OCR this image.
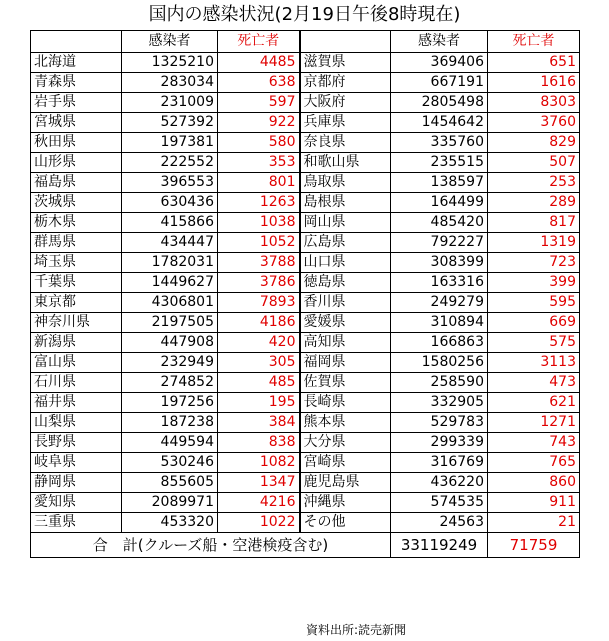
国内の感染状況(2月19日午後8時現在)
	感染者	死亡者		感染者	死亡者
北海道	1325210	4485	滋賀県	369406	651
青森県	283034	638	京都府	667191	1616
岩手県	231009	597	大阪府	2805498	8303
宮城県	527392	922	兵庫県	1454642	3760
秋田県	197381	580	奈良県	335760	829
山形県	222552	353	和歌山県	235515	507
福島県	396553	801	鳥取県	138597	253
茨城県	630436	1263	島根県	164499	289
栃木県	415866	1038	岡山県	485420	817
群馬県	434447	1052	広島県	792227	1319
埼玉県	1782031	3788	山口県	308399	723
千葉県	1449627	3786	徳島県	163316	399
東京都	4306801	7893	香川県	249279	595
神奈川県	2197505	4186	愛媛県	310894	669
新潟県	447908	420	高知県	166863	575
富山県	232949	305	福岡県	1580256	3113
石川県	274852	485	佐賀県	258590	473
福井県	197256	195	長崎県	332905	621
山梨県	187238	384	熊本県	529783	1271
長野県	449594	838	大分県	299339	743
岐阜県	530246	1082	宮崎県	316769	765
静岡県	855605	1347	鹿児島県	436220	860
愛知県	2089971	4216	沖縄県	574535	911
三重県	453320	1022	その他	24563	21
合　計(クルーズ船・空港検疫含む)				33119249	71759
資料出所:読売新聞
